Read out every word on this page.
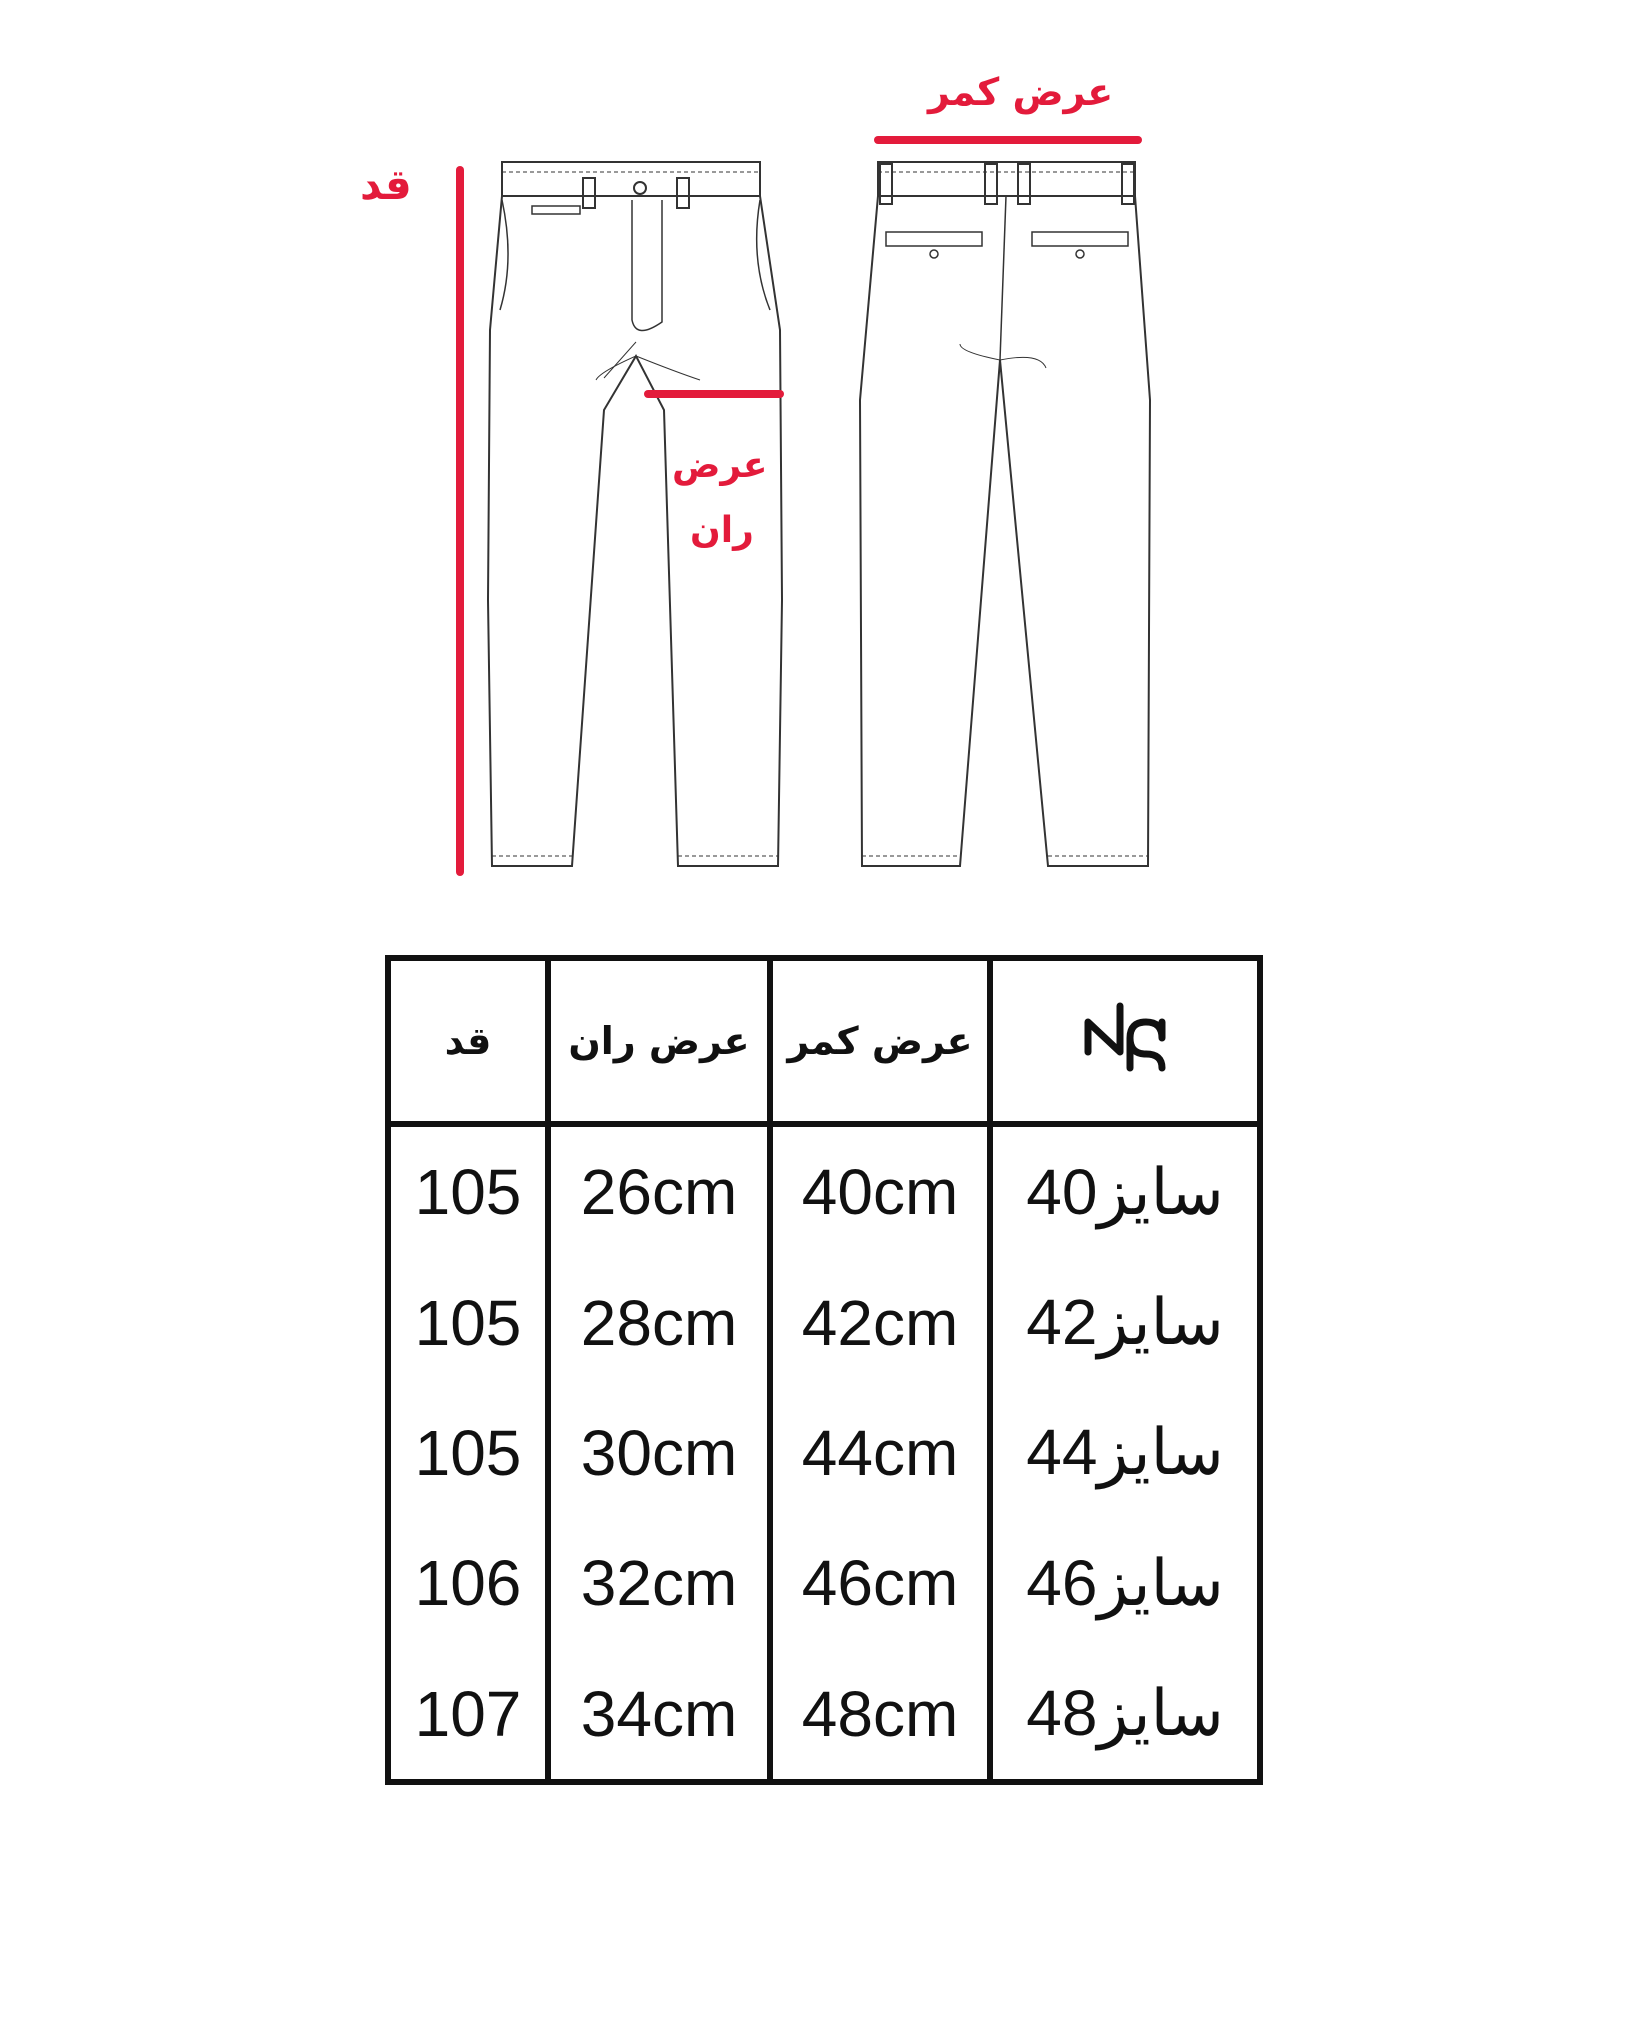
قد
عرض کمر
عرض
ران
قد	عرض ران	عرض کمر	
105	26cm	40cm	سایز40
105	28cm	42cm	سایز42
105	30cm	44cm	سایز44
106	32cm	46cm	سایز46
107	34cm	48cm	سایز48
